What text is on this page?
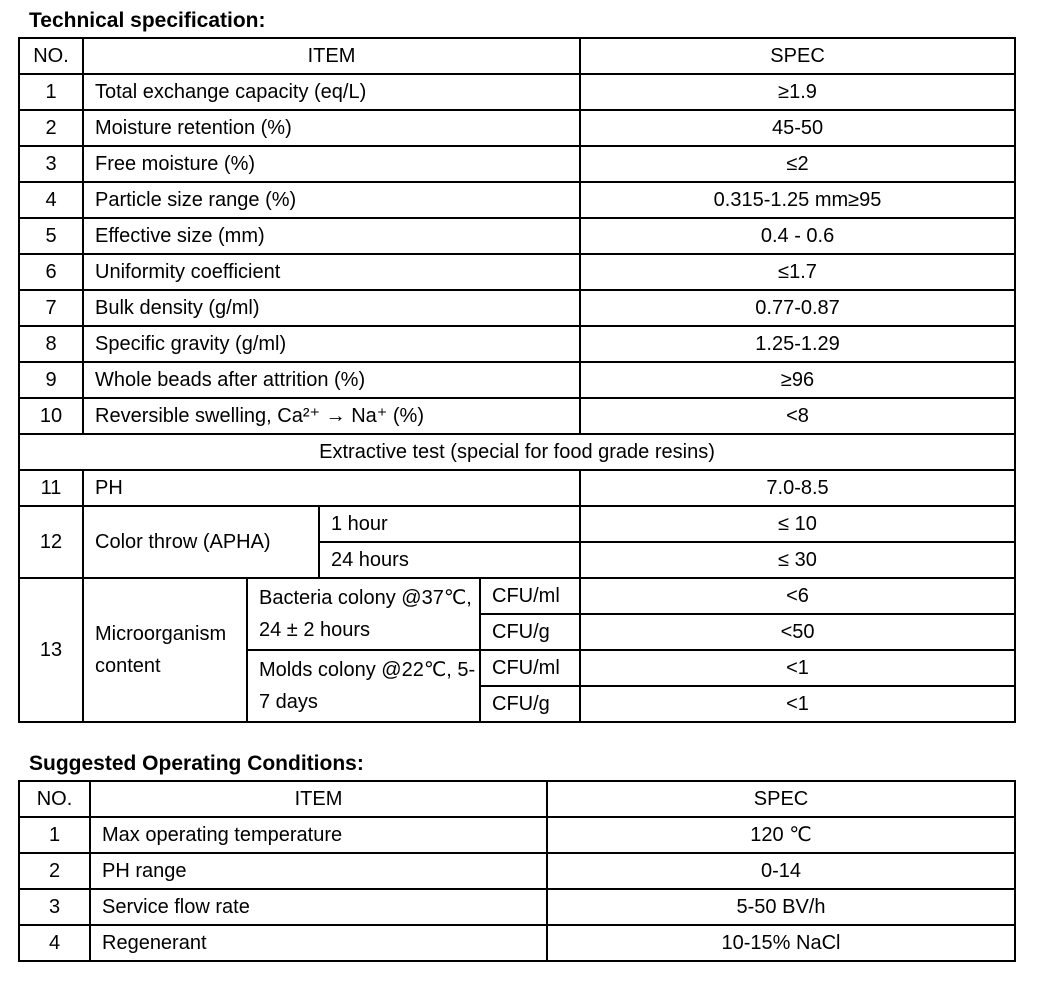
Technical specification:
NO.	ITEM				SPEC
1	Total exchange capacity (eq/L)				≥1.9
2	Moisture retention (%)				45-50
3	Free moisture (%)				≤2
4	Particle size range (%)				0.315-1.25 mm≥95
5	Effective size (mm)				0.4 - 0.6
6	Uniformity coefficient				≤1.7
7	Bulk density (g/ml)				0.77-0.87
8	Specific gravity (g/ml)				1.25-1.29
9	Whole beads after attrition (%)				≥96
10	Reversible swelling, Ca²⁺ → Na⁺ (%)				<8
Extractive test (special for food grade resins)					
11	PH				7.0-8.5
12	Color throw (APHA)		1 hour		≤ 10
			24 hours		≤ 30
13	Microorganism content	Bacteria colony @37℃, 24 ± 2 hours		CFU/ml	<6
				CFU/g	<50
		Molds colony @22℃, 5-7 days		CFU/ml	<1
				CFU/g	<1
Suggested Operating Conditions:
NO.	ITEM	SPEC
1	Max operating temperature	120 ℃
2	PH range	0-14
3	Service flow rate	5-50 BV/h
4	Regenerant	10-15% NaCl
